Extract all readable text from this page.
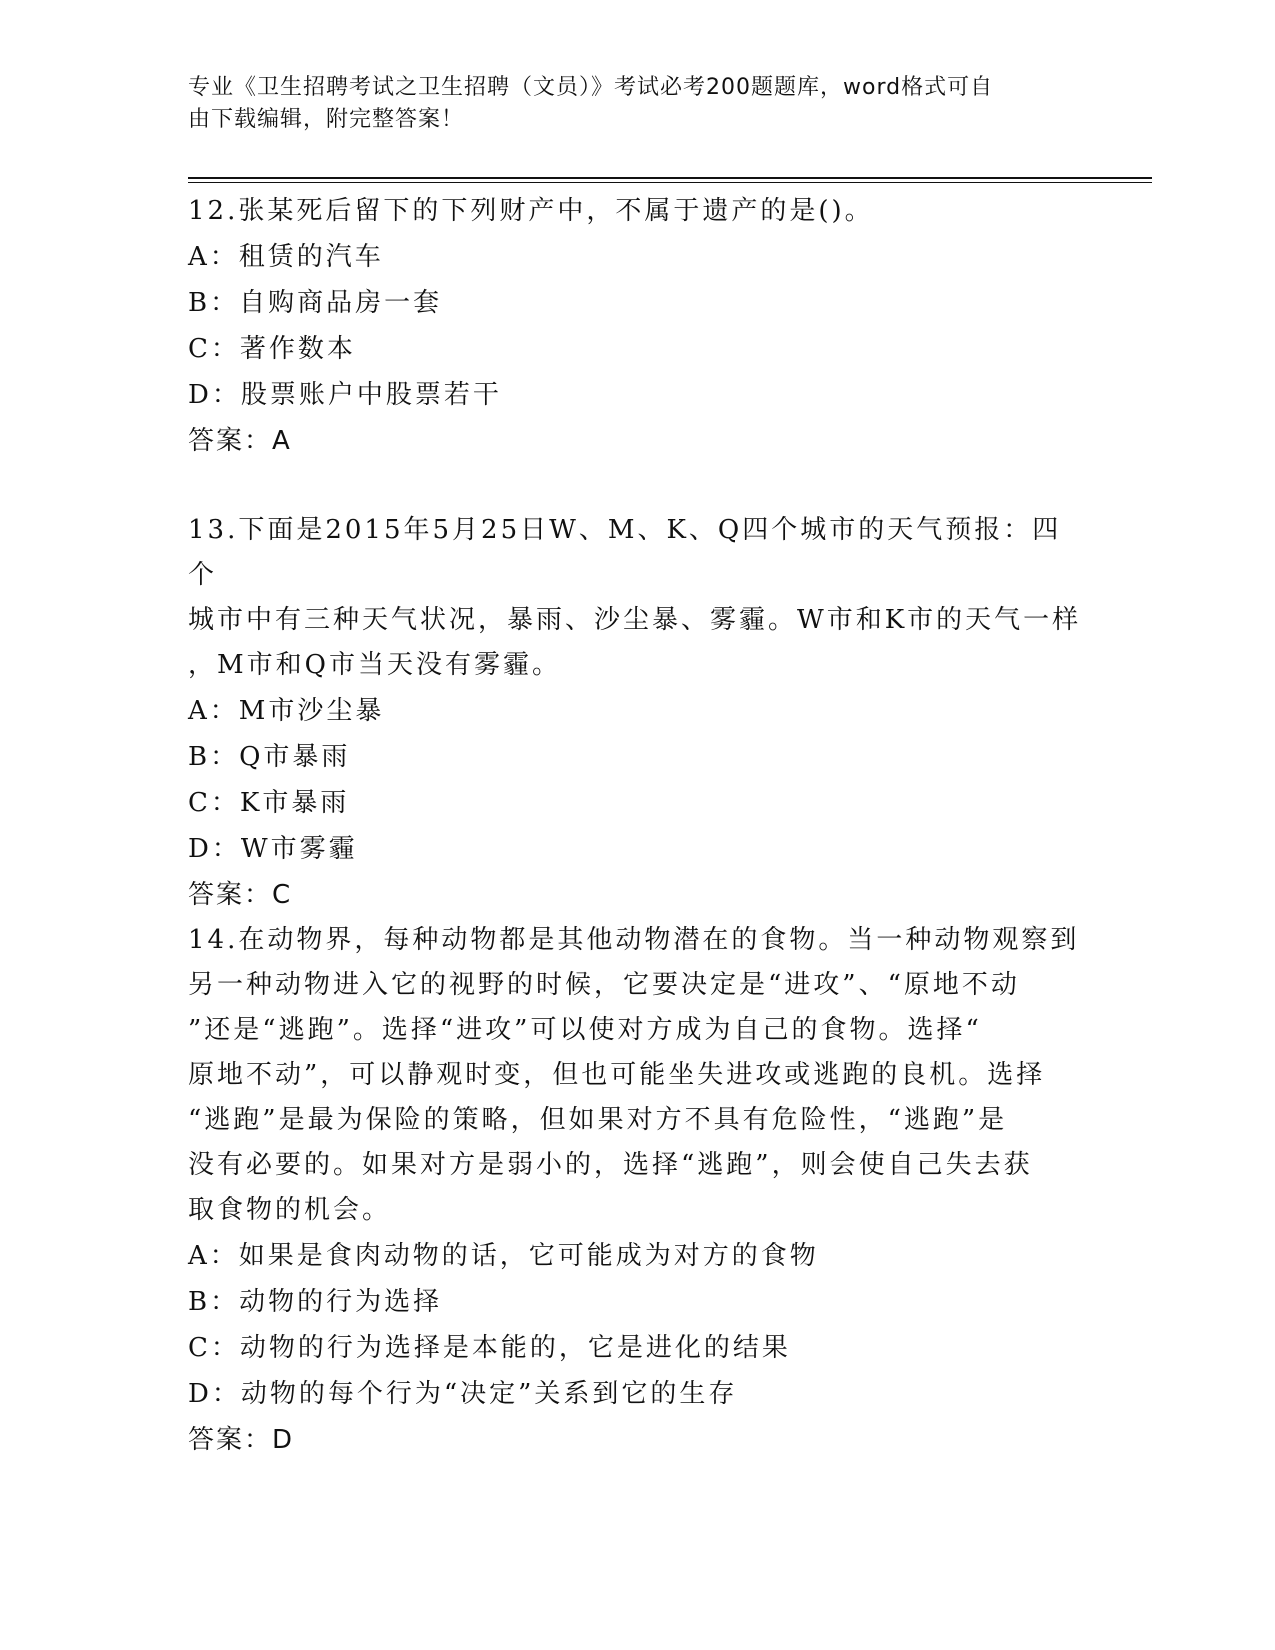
专业《卫生招聘考试之卫生招聘（文员）》考试必考200题题库，word格式可自
由下载编辑，附完整答案！

12.张某死后留下的下列财产中，不属于遗产的是()。

A：租赁的汽车

B：自购商品房一套

C：著作数本

D：股票账户中股票若干

答案：A

13.下面是2015年5月25日W、M、K、Q四个城市的天气预报：四个

城市中有三种天气状况，暴雨、沙尘暴、雾霾。W市和K市的天气一样

，M市和Q市当天没有雾霾。

A：M市沙尘暴

B：Q市暴雨

C：K市暴雨

D：W市雾霾

答案：C

14.在动物界，每种动物都是其他动物潜在的食物。当一种动物观察到

另一种动物进入它的视野的时候，它要决定是“进攻”、“原地不动

”还是“逃跑”。选择“进攻”可以使对方成为自己的食物。选择“

原地不动”，可以静观时变，但也可能坐失进攻或逃跑的良机。选择

“逃跑”是最为保险的策略，但如果对方不具有危险性，“逃跑”是

没有必要的。如果对方是弱小的，选择“逃跑”，则会使自己失去获

取食物的机会。

A：如果是食肉动物的话，它可能成为对方的食物

B：动物的行为选择

C：动物的行为选择是本能的，它是进化的结果

D：动物的每个行为“决定”关系到它的生存

答案：D
